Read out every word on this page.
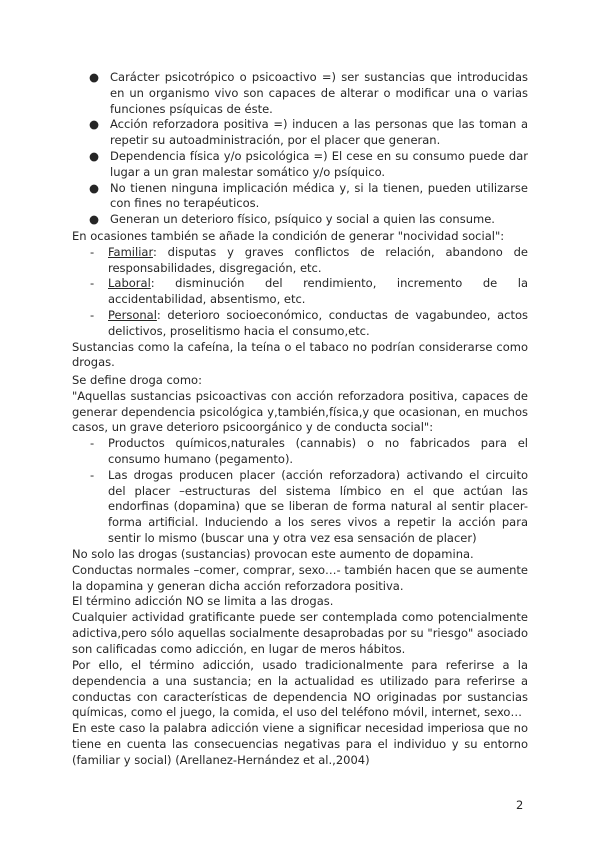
● Carácter psicotrópico o psicoactivo =) ser sustancias que introducidas en un organismo vivo son capaces de alterar o modificar una o varias funciones psíquicas de éste.

● Acción reforzadora positiva =) inducen a las personas que las toman a repetir su autoadministración, por el placer que generan.

● Dependencia física y/o psicológica =) El cese en su consumo puede dar lugar a un gran malestar somático y/o psíquico.

● No tienen ninguna implicación médica y, si la tienen, pueden utilizarse con fines no terapéuticos.

● Generan un deterioro físico, psíquico y social a quien las consume.

En ocasiones también se añade la condición de generar "nocividad social":

- Familiar: disputas y graves conflictos de relación, abandono de responsabilidades, disgregación, etc.

- Laboral: disminución del rendimiento, incremento de la accidentabilidad, absentismo, etc.

- Personal: deterioro socioeconómico, conductas de vagabundeo, actos delictivos, proselitismo hacia el consumo,etc.

Sustancias como la cafeína, la teína o el tabaco no podrían considerarse como drogas.

Se define droga como:

"Aquellas sustancias psicoactivas con acción reforzadora positiva, capaces de generar dependencia psicológica y,también,física,y que ocasionan, en muchos casos, un grave deterioro psicoorgánico y de conducta social":

- Productos químicos,naturales (cannabis) o no fabricados para el consumo humano (pegamento).

- Las drogas producen placer (acción reforzadora) activando el circuito del placer –estructuras del sistema límbico en el que actúan las endorfinas (dopamina) que se liberan de forma natural al sentir placer-forma artificial. Induciendo a los seres vivos a repetir la acción para sentir lo mismo (buscar una y otra vez esa sensación de placer)

No solo las drogas (sustancias) provocan este aumento de dopamina.

Conductas normales –comer, comprar, sexo…- también hacen que se aumente la dopamina y generan dicha acción reforzadora positiva.

El término adicción NO se limita a las drogas.

Cualquier actividad gratificante puede ser contemplada como potencialmente adictiva,pero sólo aquellas socialmente desaprobadas por su "riesgo" asociado son calificadas como adicción, en lugar de meros hábitos.

Por ello, el término adicción, usado tradicionalmente para referirse a la dependencia a una sustancia; en la actualidad es utilizado para referirse a conductas con características de dependencia NO originadas por sustancias químicas, como el juego, la comida, el uso del teléfono móvil, internet, sexo…

En este caso la palabra adicción viene a significar necesidad imperiosa que no tiene en cuenta las consecuencias negativas para el individuo y su entorno (familiar y social) (Arellanez-Hernández et al.,2004)

2
